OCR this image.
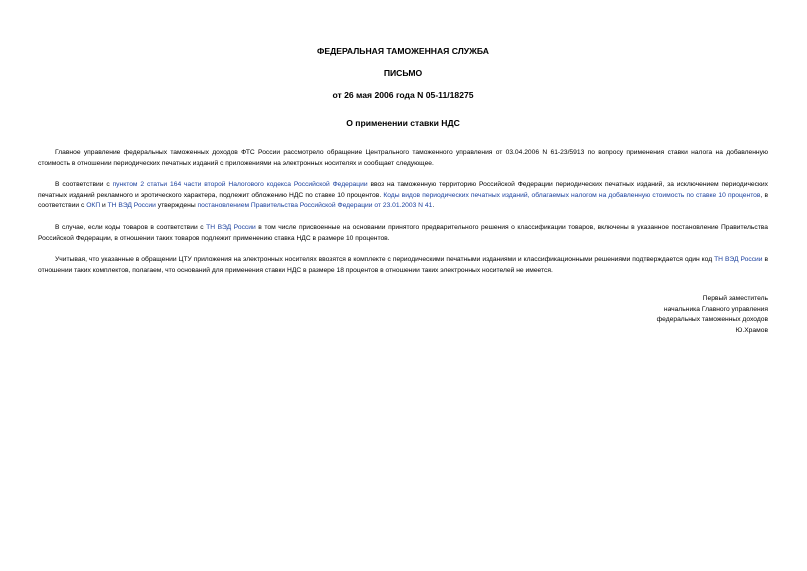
ФЕДЕРАЛЬНАЯ ТАМОЖЕННАЯ СЛУЖБА
ПИСЬМО
от 26 мая 2006 года N 05-11/18275
О применении ставки НДС

Главное управление федеральных таможенных доходов ФТС России рассмотрело обращение Центрального таможенного управления от 03.04.2006 N 61-23/5913 по вопросу применения ставки налога на добавленную стоимость в отношении периодических печатных изданий с приложениями на электронных носителях и сообщает следующее.

В соответствии с пунктом 2 статьи 164 части второй Налогового кодекса Российской Федерации ввоз на таможенную территорию Российской Федерации периодических печатных изданий, за исключением периодических печатных изданий рекламного и эротического характера, подлежит обложению НДС по ставке 10 процентов. Коды видов периодических печатных изданий, облагаемых налогом на добавленную стоимость по ставке 10 процентов, в соответствии с ОКП и ТН ВЭД России утверждены постановлением Правительства Российской Федерации от 23.01.2003 N 41.

В случае, если коды товаров в соответствии с ТН ВЭД России в том числе присвоенные на основании принятого предварительного решения о классификации товаров, включены в указанное постановление Правительства Российской Федерации, в отношении таких товаров подлежит применению ставка НДС в размере 10 процентов.

Учитывая, что указанные в обращении ЦТУ приложения на электронных носителях ввозятся в комплекте с периодическими печатными изданиями и классификационными решениями подтверждается один код ТН ВЭД России в отношении таких комплектов, полагаем, что оснований для применения ставки НДС в размере 18 процентов в отношении таких электронных носителей не имеется.

Первый заместитель
начальника Главного управления
федеральных таможенных доходов
Ю.Храмов
